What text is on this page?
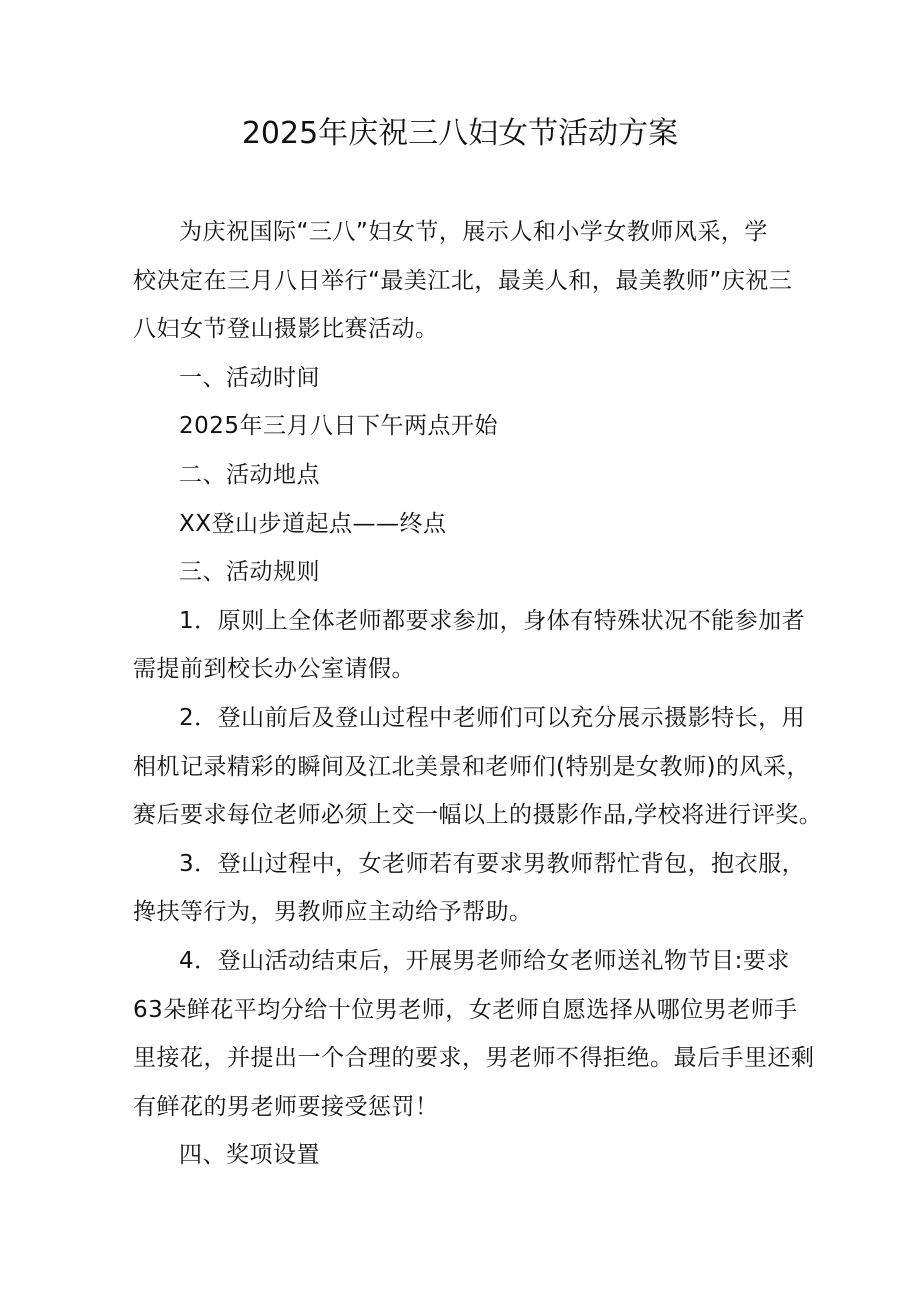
2025年庆祝三八妇女节活动方案

为庆祝国际“三八”妇女节，展示人和小学女教师风采，学

校决定在三月八日举行“最美江北，最美人和，最美教师”庆祝三

八妇女节登山摄影比赛活动。

一、活动时间

2025年三月八日下午两点开始

二、活动地点

XX登山步道起点——终点

三、活动规则

1．原则上全体老师都要求参加，身体有特殊状况不能参加者

需提前到校长办公室请假。

2．登山前后及登山过程中老师们可以充分展示摄影特长，用

相机记录精彩的瞬间及江北美景和老师们(特别是女教师)的风采，

赛后要求每位老师必须上交一幅以上的摄影作品,学校将进行评奖。

3．登山过程中，女老师若有要求男教师帮忙背包，抱衣服，

搀扶等行为，男教师应主动给予帮助。

4．登山活动结束后，开展男老师给女老师送礼物节目:要求

63朵鲜花平均分给十位男老师，女老师自愿选择从哪位男老师手

里接花，并提出一个合理的要求，男老师不得拒绝。最后手里还剩

有鲜花的男老师要接受惩罚！

四、奖项设置
